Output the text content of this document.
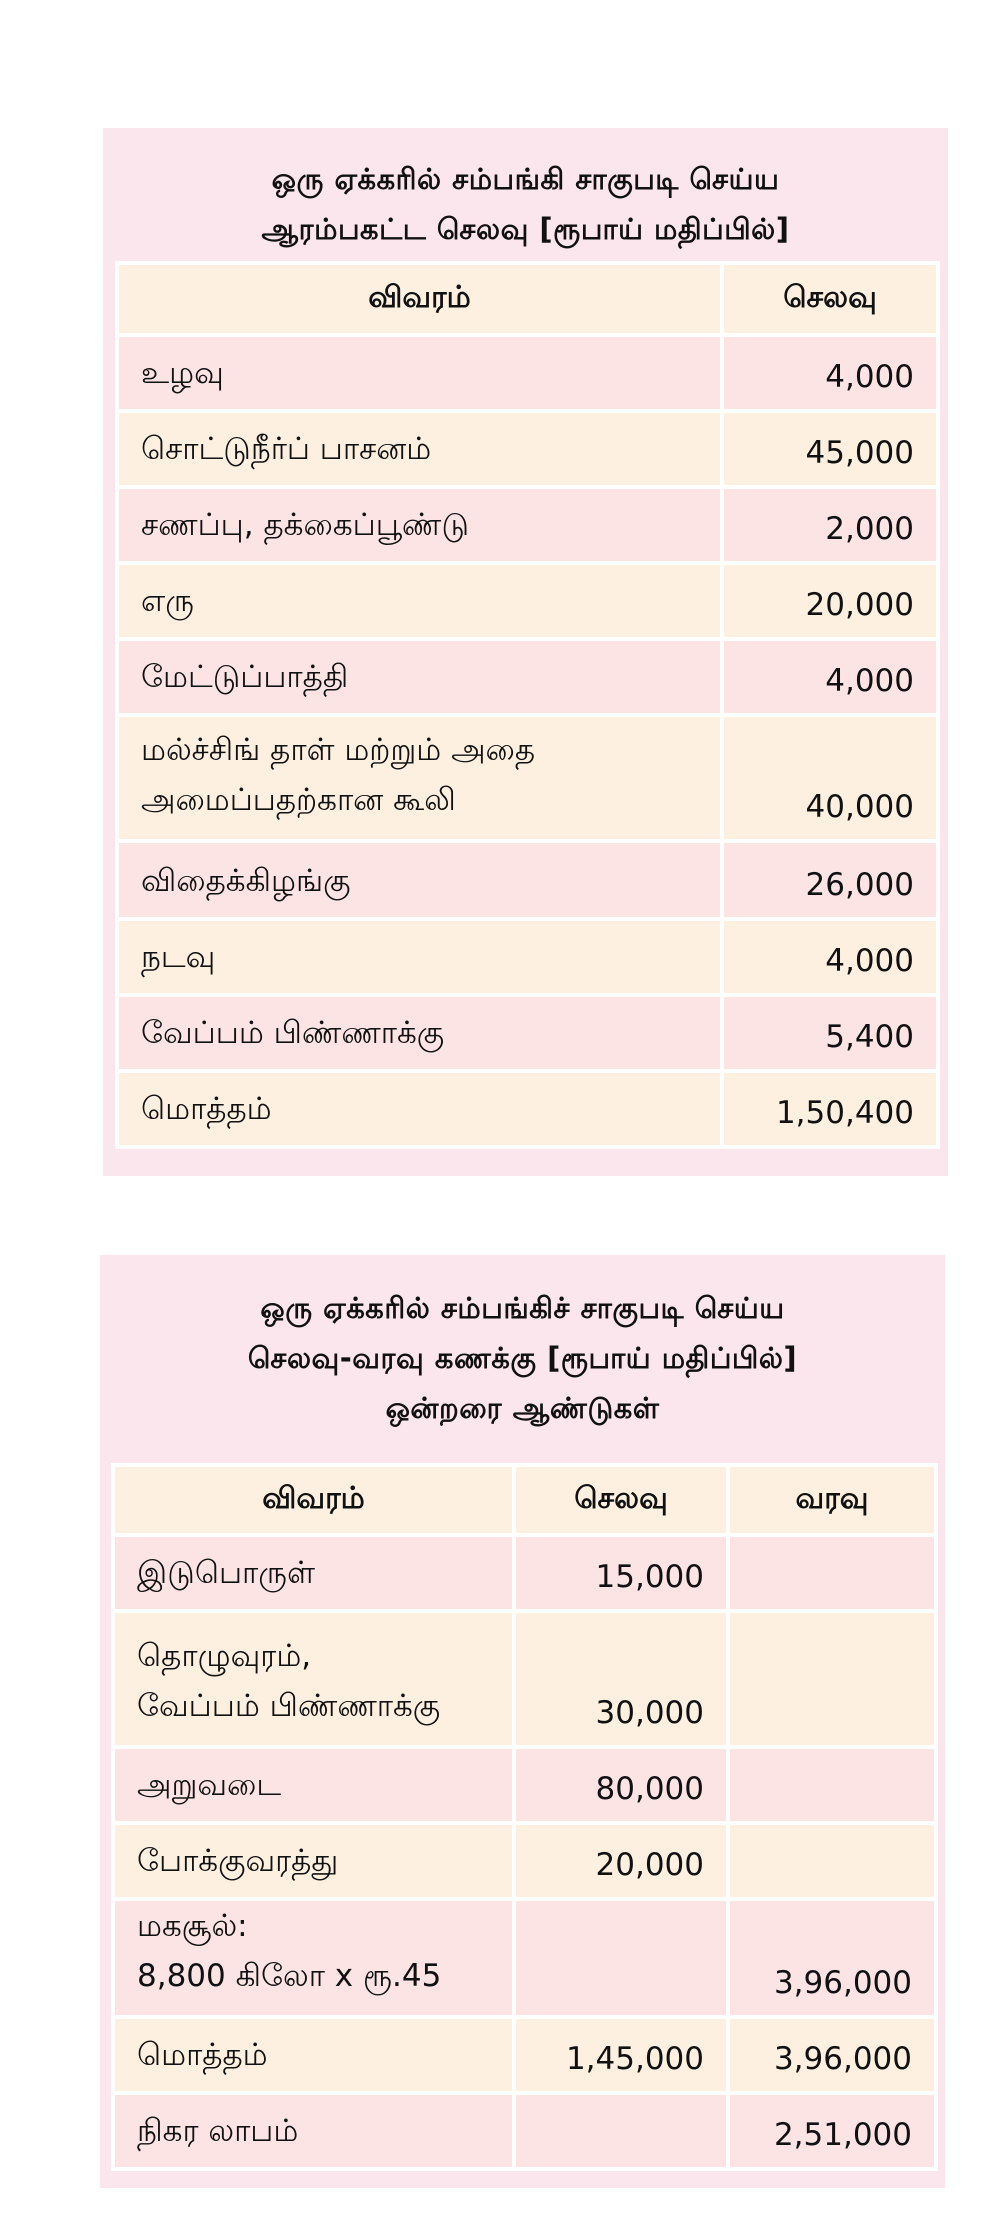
ஒரு ஏக்கரில் சம்பங்கி சாகுபடி செய்ய
ஆரம்பகட்ட செலவு [ரூபாய் மதிப்பில்]
விவரம்	செலவு
உழவு	4,000
சொட்டுநீர்ப் பாசனம்	45,000
சணப்பு, தக்கைப்பூண்டு	2,000
எரு	20,000
மேட்டுப்பாத்தி	4,000

மல்ச்சிங் தாள் மற்றும் அதை
அமைப்பதற்கான கூலி	40,000
விதைக்கிழங்கு	26,000
நடவு	4,000
வேப்பம் பிண்ணாக்கு	5,400
மொத்தம்	1,50,400
ஒரு ஏக்கரில் சம்பங்கிச் சாகுபடி செய்ய
செலவு-வரவு கணக்கு [ரூபாய் மதிப்பில்]
ஒன்றரை ஆண்டுகள்
விவரம்	செலவு	வரவு
இடுபொருள்	15,000	

தொழுவுரம்,
வேப்பம் பிண்ணாக்கு	30,000	
அறுவடை	80,000	
போக்குவரத்து	20,000	

மகசூல்:
8,800 கிலோ x ரூ.45		3,96,000
மொத்தம்	1,45,000	3,96,000
நிகர லாபம்		2,51,000
